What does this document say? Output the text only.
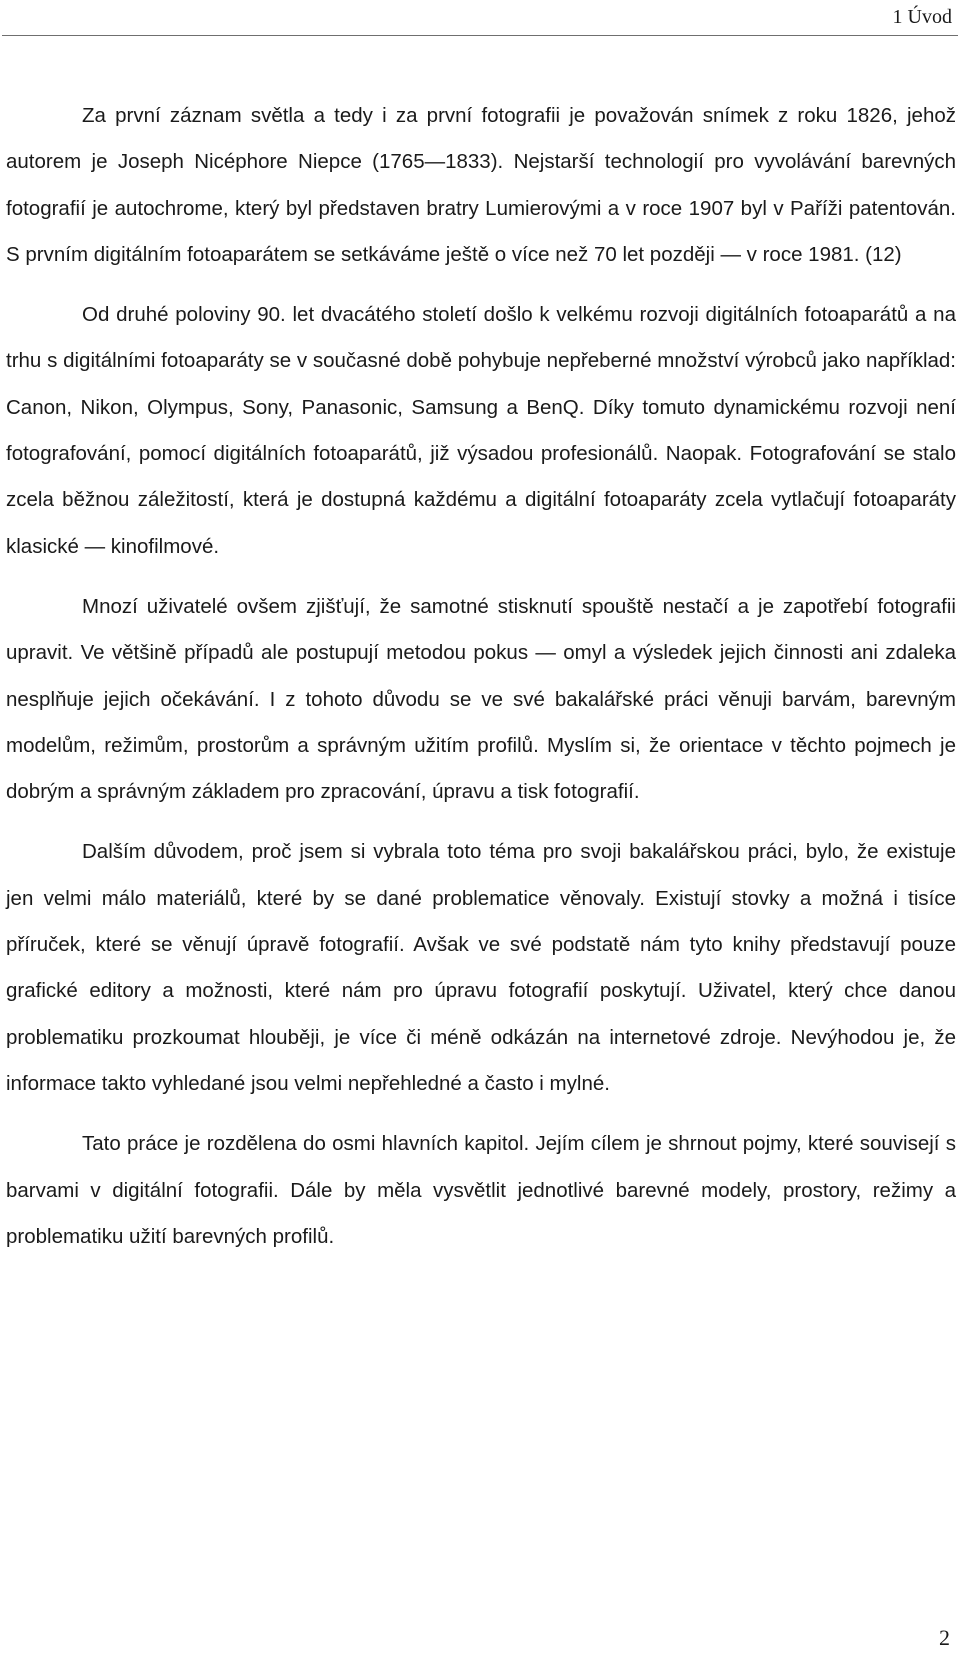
1 Úvod

Za první záznam světla a tedy i za první fotografii je považován snímek z roku 1826, jehož autorem je Joseph Nicéphore Niepce (1765—1833). Nejstarší technologií pro vyvolávání barevných fotografií je autochrome, který byl představen bratry Lumierovými a v roce 1907 byl v Paříži patentován. S prvním digitálním fotoaparátem se setkáváme ještě o více než 70 let později — v roce 1981. (12)

Od druhé poloviny 90. let dvacátého století došlo k velkému rozvoji digitálních fotoaparátů a na trhu s digitálními fotoaparáty se v současné době pohybuje nepřeberné množství výrobců jako například: Canon, Nikon, Olympus, Sony, Panasonic, Samsung a BenQ. Díky tomuto dynamickému rozvoji není fotografování, pomocí digitálních fotoaparátů, již výsadou profesionálů. Naopak. Fotografování se stalo zcela běžnou záležitostí, která je dostupná každému a digitální fotoaparáty zcela vytlačují fotoaparáty klasické — kinofilmové.

Mnozí uživatelé ovšem zjišťují, že samotné stisknutí spouště nestačí a je zapotřebí fotografii upravit. Ve většině případů ale postupují metodou pokus — omyl a výsledek jejich činnosti ani zdaleka nesplňuje jejich očekávání. I z tohoto důvodu se ve své bakalářské práci věnuji barvám, barevným modelům, režimům, prostorům a správným užitím profilů. Myslím si, že orientace v těchto pojmech je dobrým a správným základem pro zpracování, úpravu a tisk fotografií.

Dalším důvodem, proč jsem si vybrala toto téma pro svoji bakalářskou práci, bylo, že existuje jen velmi málo materiálů, které by se dané problematice věnovaly. Existují stovky a možná i tisíce příruček, které se věnují úpravě fotografií. Avšak ve své podstatě nám tyto knihy představují pouze grafické editory a možnosti, které nám pro úpravu fotografií poskytují. Uživatel, který chce danou problematiku prozkoumat hlouběji, je více či méně odkázán na internetové zdroje. Nevýhodou je, že informace takto vyhledané jsou velmi nepřehledné a často i mylné.

Tato práce je rozdělena do osmi hlavních kapitol. Jejím cílem je shrnout pojmy, které souvisejí s barvami v digitální fotografii. Dále by měla vysvětlit jednotlivé barevné modely, prostory, režimy a problematiku užití barevných profilů.

2
